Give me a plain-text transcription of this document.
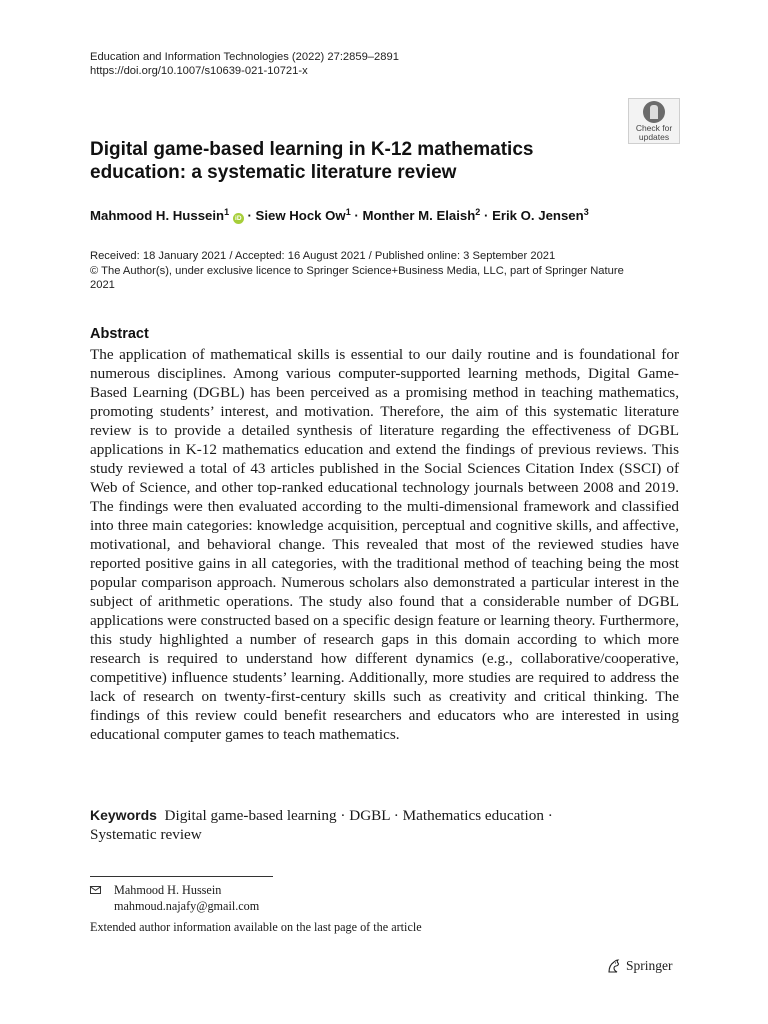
Education and Information Technologies (2022) 27:2859–2891
https://doi.org/10.1007/s10639-021-10721-x
Check for
updates
Digital game-based learning in K-12 mathematics
education: a systematic literature review
Mahmood H. Hussein$^1$ iD · Siew Hock $Ow^1$ · Monther M. Elaish$^2$ · Erik O. Jensen$^3$
Received: 18 January 2021 / Accepted: 16 August 2021 / Published online: 3 September 2021
© The Author(s), under exclusive licence to Springer Science+Business Media, LLC, part of Springer Nature
2021
Abstract

The application of mathematical skills is essential to our daily routine and is foundational for numerous disciplines. Among various computer-supported learning methods, Digital Game-Based Learning (DGBL) has been perceived as a promising method in teaching mathematics, promoting students’ interest, and motivation. Therefore, the aim of this systematic literature review is to provide a detailed synthesis of literature regarding the effectiveness of DGBL applications in K-12 mathematics education and extend the findings of previous reviews. This study reviewed a total of 43 articles published in the Social Sciences Citation Index (SSCI) of Web of Science, and other top-ranked educational technology journals between 2008 and 2019. The findings were then evaluated according to the multi-dimensional framework and classified into three main categories: knowledge acquisition, perceptual and cognitive skills, and affective, motivational, and behavioral change. This revealed that most of the reviewed studies have reported positive gains in all categories, with the traditional method of teaching being the most popular comparison approach. Numerous scholars also demonstrated a particular interest in the subject of arithmetic operations. The study also found that a considerable number of DGBL applications were constructed based on a specific design feature or learning theory. Furthermore, this study highlighted a number of research gaps in this domain according to which more research is required to understand how different dynamics (e.g., collaborative/cooperative, competitive) influence students’ learning. Additionally, more studies are required to address the lack of research on twenty-first-century skills such as creativity and critical thinking. The findings of this review could benefit researchers and educators who are interested in using educational computer games to teach mathematics.

Keywords Digital game-based learning · DGBL · Mathematics education ·
Systematic review
Mahmood H. Hussein
mahmoud.najafy@gmail.com
Extended author information available on the last page of the article
Springer
